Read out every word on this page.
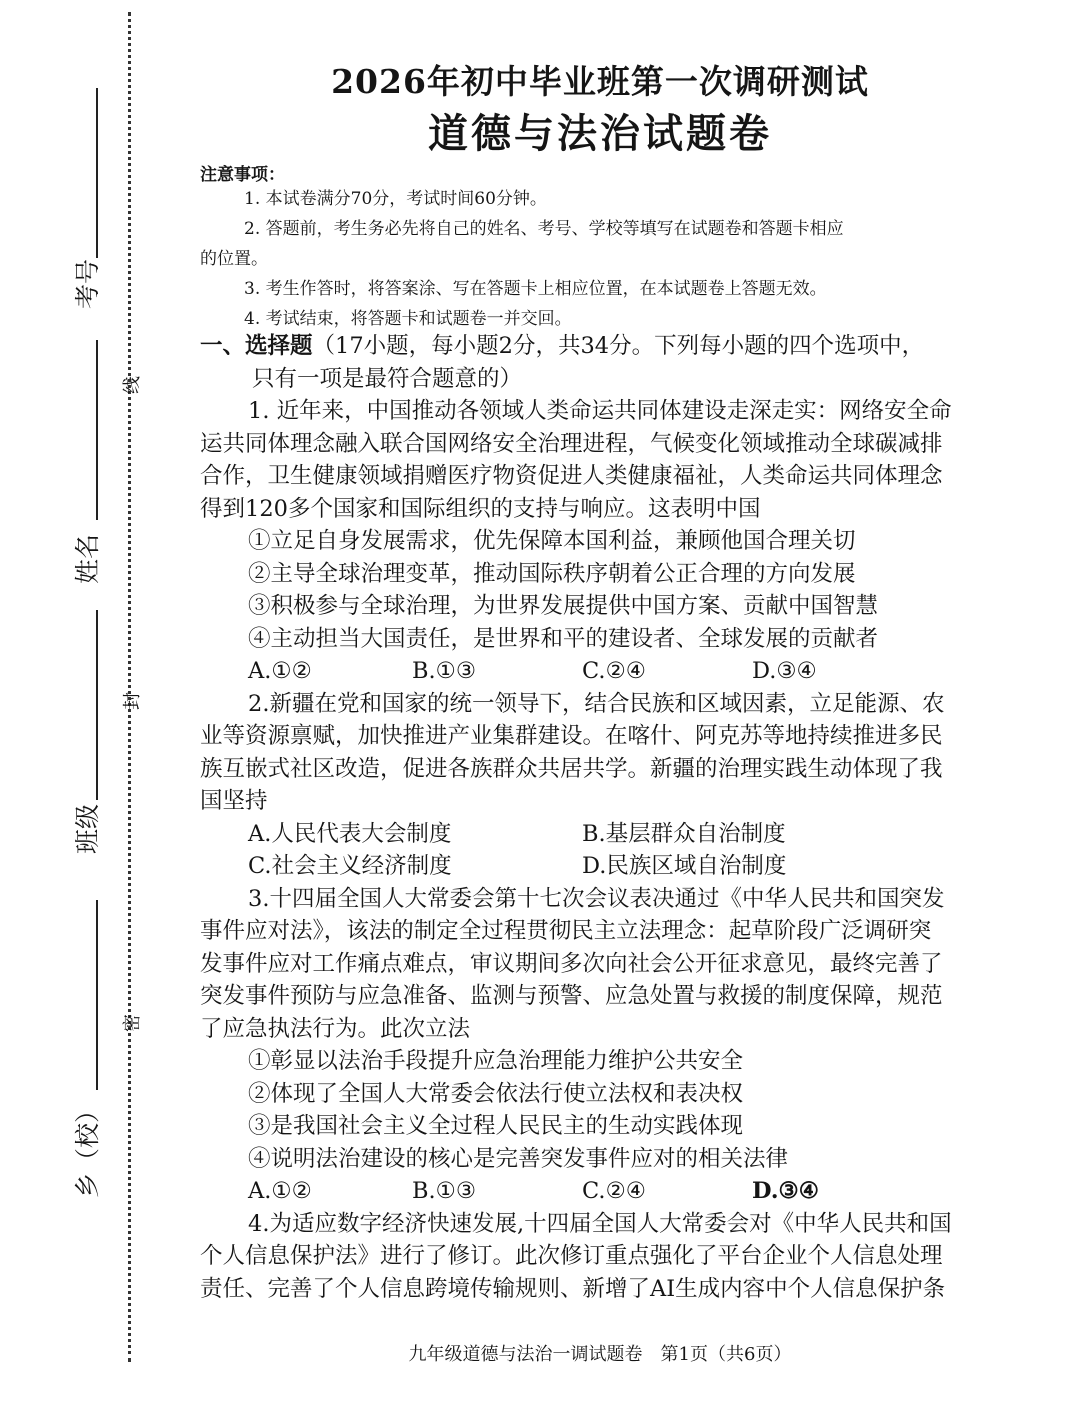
考号
姓名
班级
乡（校）
线
封
密
2026年初中毕业班第一次调研测试
道德与法治试题卷
注意事项：
1. 本试卷满分70分，考试时间60分钟。
2. 答题前，考生务必先将自己的姓名、考号、学校等填写在试题卷和答题卡相应
的位置。
3. 考生作答时，将答案涂、写在答题卡上相应位置，在本试题卷上答题无效。
4. 考试结束，将答题卡和试题卷一并交回。
一、选择题（17小题，每小题2分，共34分。下列每小题的四个选项中，
只有一项是最符合题意的）
1. 近年来，中国推动各领域人类命运共同体建设走深走实：网络安全命
运共同体理念融入联合国网络安全治理进程，气候变化领域推动全球碳减排
合作，卫生健康领域捐赠医疗物资促进人类健康福祉，人类命运共同体理念
得到120多个国家和国际组织的支持与响应。这表明中国
①立足自身发展需求，优先保障本国利益，兼顾他国合理关切
②主导全球治理变革，推动国际秩序朝着公正合理的方向发展
③积极参与全球治理，为世界发展提供中国方案、贡献中国智慧
④主动担当大国责任，是世界和平的建设者、全球发展的贡献者
A.①②	B.①③	C.②④	D.③④
2.新疆在党和国家的统一领导下，结合民族和区域因素，立足能源、农
业等资源禀赋，加快推进产业集群建设。在喀什、阿克苏等地持续推进多民
族互嵌式社区改造，促进各族群众共居共学。新疆的治理实践生动体现了我
国坚持
A.人民代表大会制度	B.基层群众自治制度
C.社会主义经济制度	D.民族区域自治制度
3.十四届全国人大常委会第十七次会议表决通过《中华人民共和国突发
事件应对法》，该法的制定全过程贯彻民主立法理念：起草阶段广泛调研突
发事件应对工作痛点难点，审议期间多次向社会公开征求意见，最终完善了
突发事件预防与应急准备、监测与预警、应急处置与救援的制度保障，规范
了应急执法行为。此次立法
①彰显以法治手段提升应急治理能力维护公共安全
②体现了全国人大常委会依法行使立法权和表决权
③是我国社会主义全过程人民民主的生动实践体现
④说明法治建设的核心是完善突发事件应对的相关法律
A.①②	B.①③	C.②④	D.③④
4.为适应数字经济快速发展,十四届全国人大常委会对《中华人民共和国
个人信息保护法》进行了修订。此次修订重点强化了平台企业个人信息处理
责任、完善了个人信息跨境传输规则、新增了AI生成内容中个人信息保护条
九年级道德与法治一调试题卷　第1页（共6页）
